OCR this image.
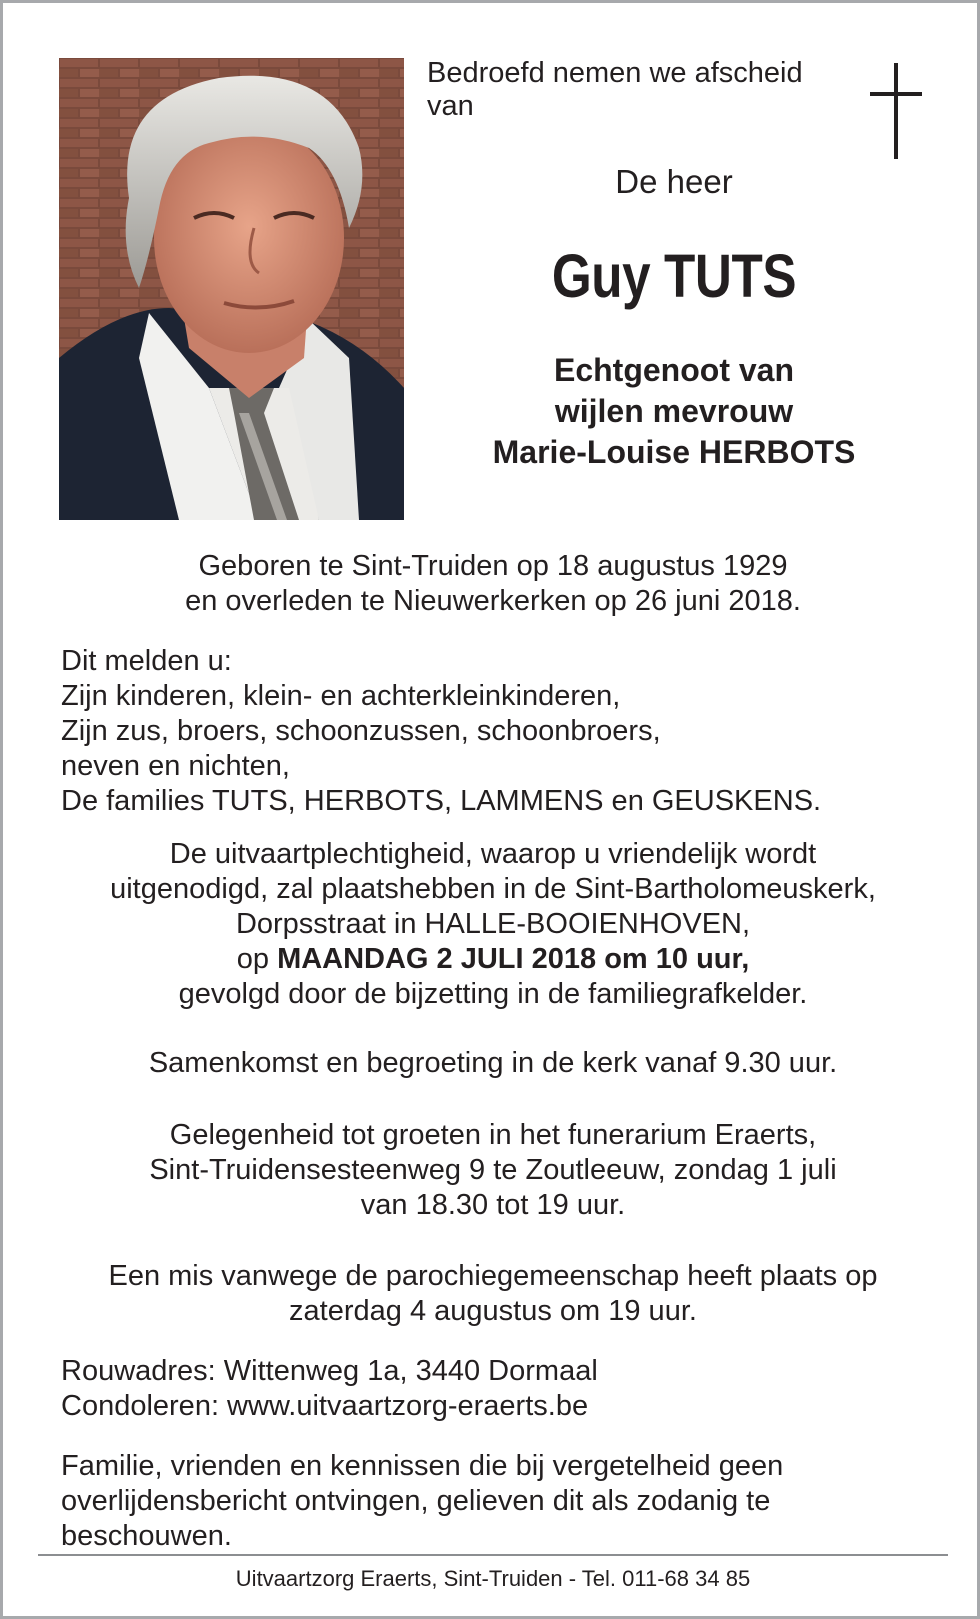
Bedroefd nemen we afscheid
van
De heer
Guy TUTS
Echtgenoot van
wijlen mevrouw
Marie-Louise HERBOTS
Geboren te Sint-Truiden op 18 augustus 1929
en overleden te Nieuwerkerken op 26 juni 2018.
Dit melden u:
Zijn kinderen, klein- en achterkleinkinderen,
Zijn zus, broers, schoonzussen, schoonbroers,
neven en nichten,
De families TUTS, HERBOTS, LAMMENS en GEUSKENS.
De uitvaartplechtigheid, waarop u vriendelijk wordt
uitgenodigd, zal plaatshebben in de Sint-Bartholomeuskerk,
Dorpsstraat in HALLE-BOOIENHOVEN,
op MAANDAG 2 JULI 2018 om 10 uur,
gevolgd door de bijzetting in de familiegrafkelder.
Samenkomst en begroeting in de kerk vanaf 9.30 uur.
Gelegenheid tot groeten in het funerarium Eraerts,
Sint-Truidensesteenweg 9 te Zoutleeuw, zondag 1 juli
van 18.30 tot 19 uur.
Een mis vanwege de parochiegemeenschap heeft plaats op
zaterdag 4 augustus om 19 uur.
Rouwadres: Wittenweg 1a, 3440 Dormaal
Condoleren: www.uitvaartzorg-eraerts.be
Familie, vrienden en kennissen die bij vergetelheid geen
overlijdensbericht ontvingen, gelieven dit als zodanig te
beschouwen.
Uitvaartzorg Eraerts, Sint-Truiden - Tel. 011-68 34 85
